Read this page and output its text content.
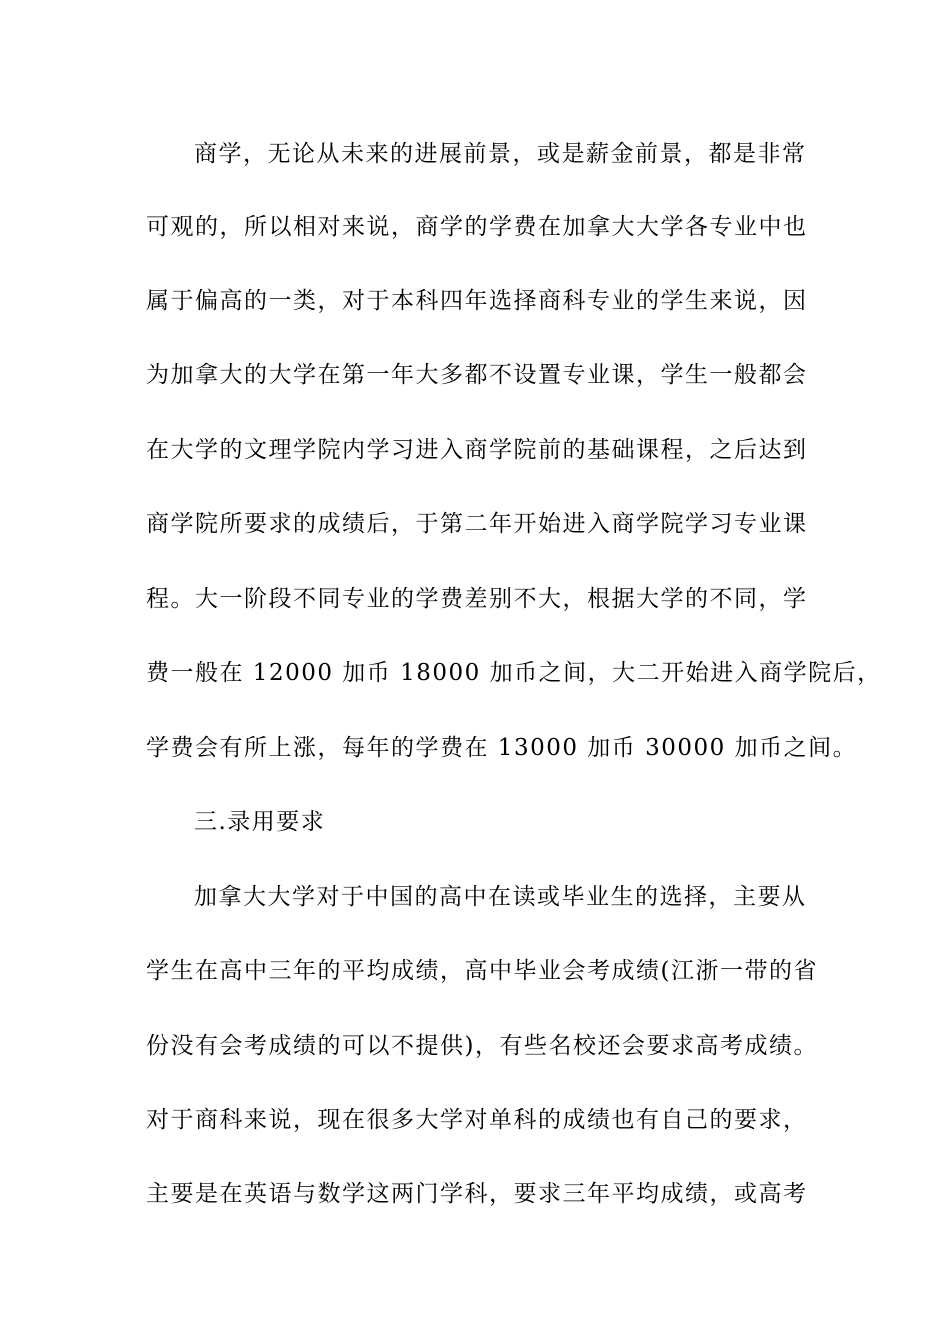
商学，无论从未来的进展前景，或是薪金前景，都是非常
可观的，所以相对来说，商学的学费在加拿大大学各专业中也
属于偏高的一类，对于本科四年选择商科专业的学生来说，因
为加拿大的大学在第一年大多都不设置专业课，学生一般都会
在大学的文理学院内学习进入商学院前的基础课程，之后达到
商学院所要求的成绩后，于第二年开始进入商学院学习专业课
程。大一阶段不同专业的学费差别不大，根据大学的不同，学
费一般在 12000 加币 18000 加币之间，大二开始进入商学院后，
学费会有所上涨，每年的学费在 13000 加币 30000 加币之间。
三.录用要求
加拿大大学对于中国的高中在读或毕业生的选择，主要从
学生在高中三年的平均成绩，高中毕业会考成绩(江浙一带的省
份没有会考成绩的可以不提供)，有些名校还会要求高考成绩。
对于商科来说，现在很多大学对单科的成绩也有自己的要求，
主要是在英语与数学这两门学科，要求三年平均成绩，或高考
